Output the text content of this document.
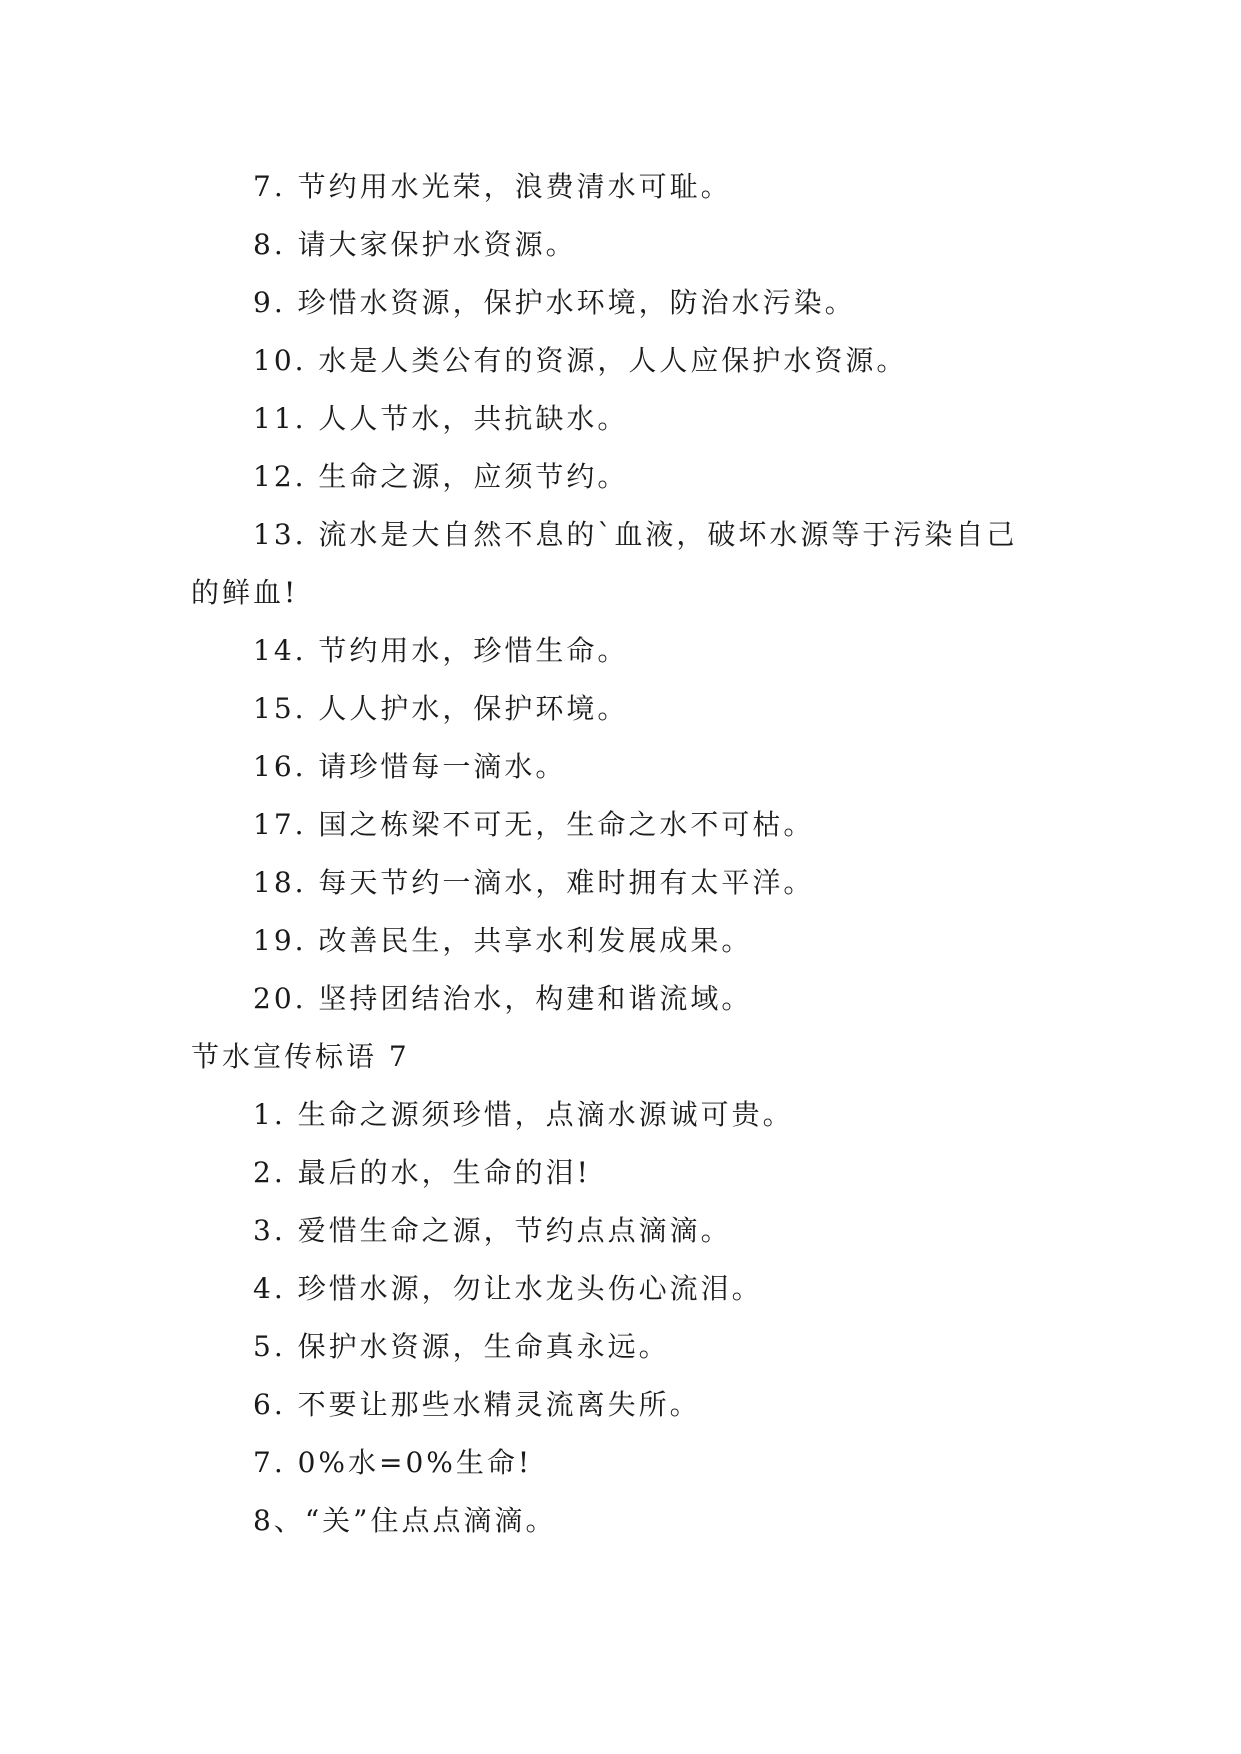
7. 节约用水光荣，浪费清水可耻。
8. 请大家保护水资源。
9. 珍惜水资源，保护水环境，防治水污染。
10. 水是人类公有的资源，人人应保护水资源。
11. 人人节水，共抗缺水。
12. 生命之源，应须节约。
13. 流水是大自然不息的`血液，破坏水源等于污染自己
的鲜血!
14. 节约用水，珍惜生命。
15. 人人护水，保护环境。
16. 请珍惜每一滴水。
17. 国之栋梁不可无，生命之水不可枯。
18. 每天节约一滴水，难时拥有太平洋。
19. 改善民生，共享水利发展成果。
20. 坚持团结治水，构建和谐流域。
节水宣传标语 7
1. 生命之源须珍惜，点滴水源诚可贵。
2. 最后的水，生命的泪!
3. 爱惜生命之源，节约点点滴滴。
4. 珍惜水源，勿让水龙头伤心流泪。
5. 保护水资源，生命真永远。
6. 不要让那些水精灵流离失所。
7. 0%水=0%生命!
8、“关”住点点滴滴。
